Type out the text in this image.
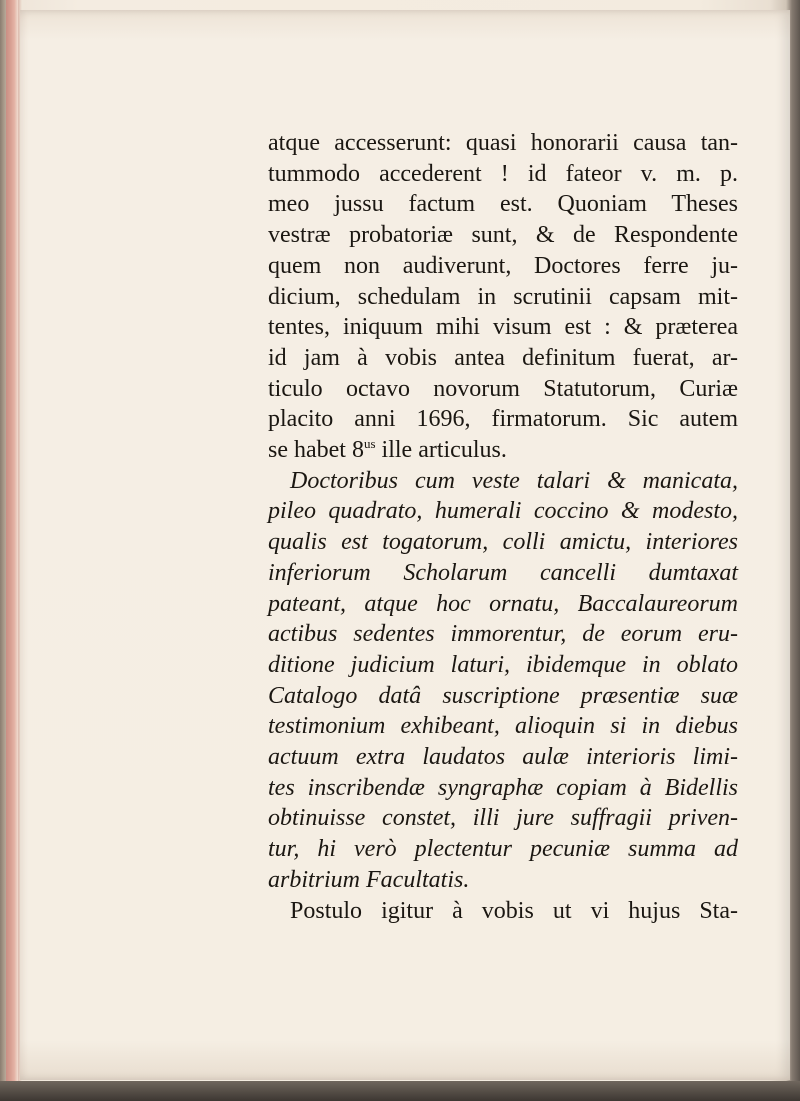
atque accesserunt: quasi honorarii causa tan-
tummodo accederent ! id fateor v. m. p.
meo jussu factum est. Quoniam Theses
vestræ probatoriæ sunt, & de Respondente
quem non audiverunt, Doctores ferre ju-
dicium, schedulam in scrutinii capsam mit-
tentes, iniquum mihi visum est : & præterea
id jam à vobis antea definitum fuerat, ar-
ticulo octavo novorum Statutorum, Curiæ
placito anni 1696, firmatorum. Sic autem
se habet $8^{us}$ ille articulus.
Doctoribus cum veste talari & manicata,
pileo quadrato, humerali coccino & modesto,
qualis est togatorum, colli amictu, interiores
inferiorum Scholarum cancelli dumtaxat
pateant, atque hoc ornatu, Baccalaureorum
actibus sedentes immorentur, de eorum eru-
ditione judicium laturi, ibidemque in oblato
Catalogo datâ suscriptione præsentiæ suæ
testimonium exhibeant, alioquin si in diebus
actuum extra laudatos aulæ interioris limi-
tes inscribendæ syngraphæ copiam à Bidellis
obtinuisse constet, illi jure suffragii priven-
tur, hi verò plectentur pecuniæ summa ad
arbitrium Facultatis.
Postulo igitur à vobis ut vi hujus Sta-
